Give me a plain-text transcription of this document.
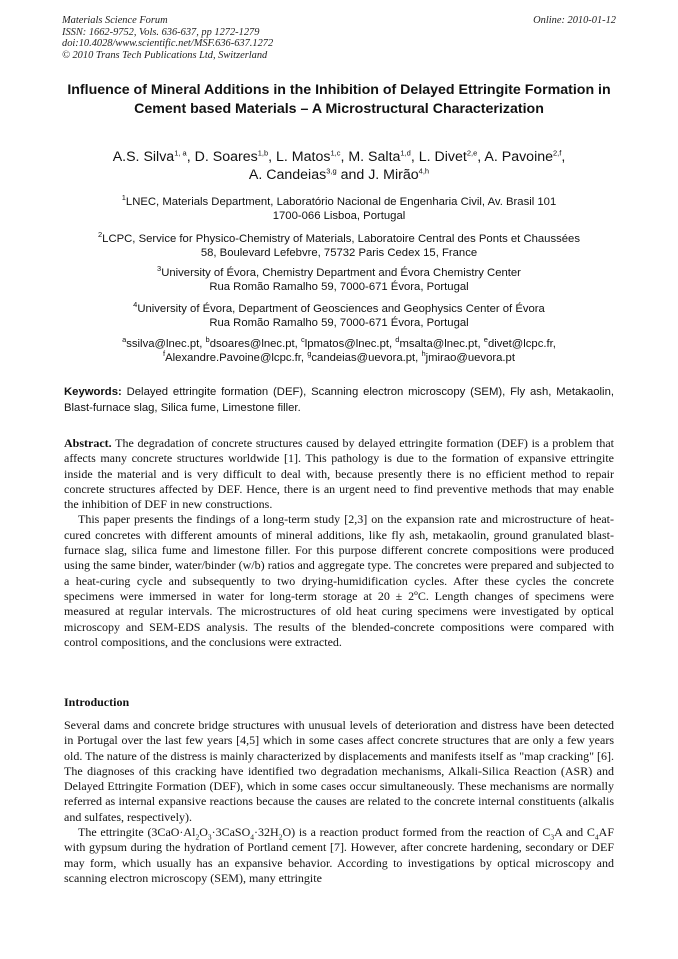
Materials Science Forum
ISSN: 1662-9752, Vols. 636-637, pp 1272-1279
doi:10.4028/www.scientific.net/MSF.636-637.1272
© 2010 Trans Tech Publications Ltd, Switzerland
Online: 2010-01-12
Influence of Mineral Additions in the Inhibition of Delayed Ettringite Formation in Cement based Materials – A Microstructural Characterization
A.S. Silva$^{1, a}$, D. Soares$^{1,b}$, L. Matos$^{1,c}$, M. Salta$^{1,d}$, L. Divet$^{2,e}$, A. Pavoine$^{2,f}$,
A. Candeias$^{3,g}$ and J. Mirão$^{4,h}$
$^1$LNEC, Materials Department, Laboratório Nacional de Engenharia Civil, Av. Brasil 101
1700-066 Lisboa, Portugal
$^2$LCPC, Service for Physico-Chemistry of Materials, Laboratoire Central des Ponts et Chaussées
58, Boulevard Lefebvre, 75732 Paris Cedex 15, France
$^3$University of Évora, Chemistry Department and Évora Chemistry Center
Rua Romão Ramalho 59, 7000-671 Évora, Portugal
$^4$University of Évora, Department of Geosciences and Geophysics Center of Évora
Rua Romão Ramalho 59, 7000-671 Évora, Portugal
$^a$ssilva@lnec.pt, $^b$dsoares@lnec.pt, $^c$lpmatos@lnec.pt, $^d$msalta@lnec.pt, $^e$divet@lcpc.fr,
$^f$Alexandre.Pavoine@lcpc.fr, $^g$candeias@uevora.pt, $^h$jmirao@uevora.pt
Keywords: Delayed ettringite formation (DEF), Scanning electron microscopy (SEM), Fly ash, Metakaolin, Blast-furnace slag, Silica fume, Limestone filler.

Abstract. The degradation of concrete structures caused by delayed ettringite formation (DEF) is a problem that affects many concrete structures worldwide [1]. This pathology is due to the formation of expansive ettringite inside the material and is very difficult to deal with, because presently there is no efficient method to repair concrete structures affected by DEF. Hence, there is an urgent need to find preventive methods that may enable the inhibition of DEF in new constructions.

This paper presents the findings of a long-term study [2,3] on the expansion rate and microstructure of heat-cured concretes with different amounts of mineral additions, like fly ash, metakaolin, ground granulated blast-furnace slag, silica fume and limestone filler. For this purpose different concrete compositions were produced using the same binder, water/binder (w/b) ratios and aggregate type. The concretes were prepared and subjected to a heat-curing cycle and subsequently to two drying-humidification cycles. After these cycles the concrete specimens were immersed in water for long-term storage at 20 ± 2ºC. Length changes of specimens were measured at regular intervals. The microstructures of old heat curing specimens were investigated by optical microscopy and SEM-EDS analysis. The results of the blended-concrete compositions were compared with control compositions, and the conclusions were extracted.

Introduction

Several dams and concrete bridge structures with unusual levels of deterioration and distress have been detected in Portugal over the last few years [4,5] which in some cases affect concrete structures that are only a few years old. The nature of the distress is mainly characterized by displacements and manifests itself as "map cracking" [6]. The diagnoses of this cracking have identified two degradation mechanisms, Alkali-Silica Reaction (ASR) and Delayed Ettringite Formation (DEF), which in some cases occur simultaneously. These mechanisms are normally referred as internal expansive reactions because the causes are related to the concrete internal constituents (alkalis and sulfates, respectively).

The ettringite $(3CaO\cdot Al_2O_3\cdot 3CaSO_4\cdot 32H_2O)$ is a reaction product formed from the reaction of $C_3A$ and $C_4AF$ with gypsum during the hydration of Portland cement [7]. However, after concrete hardening, secondary or DEF may form, which usually has an expansive behavior. According to investigations by optical microscopy and scanning electron microscopy (SEM), many ettringite
